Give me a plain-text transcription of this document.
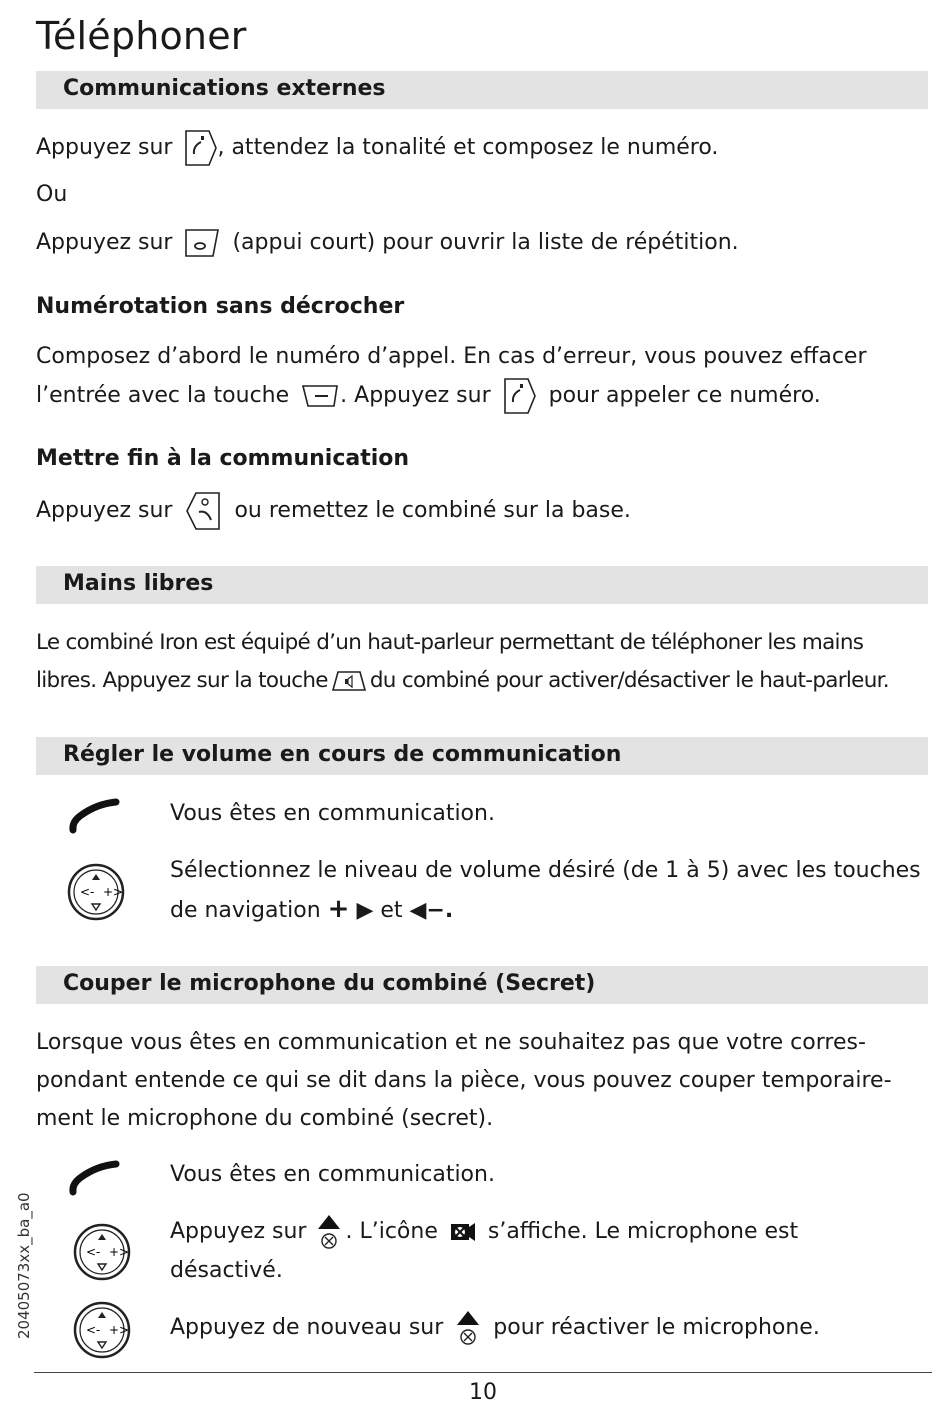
Téléphoner
Communications externes
Appuyez sur , attendez la tonalité et composez le numéro.
Ou
Appuyez sur	(appui court) pour ouvrir la liste de répétition.
Numérotation sans décrocher
Composez d’abord le numéro d’appel. En cas d’erreur, vous pouvez effacer
l’entrée avec la touche . Appuyez sur	pour appeler ce numéro.
Mettre fin à la communication
Appuyez sur	ou remettez le combiné sur la base.
Mains libres
Le combiné Iron est équipé d’un haut-parleur permettant de téléphoner les mains
libres. Appuyez sur la touche du combiné pour activer/désactiver le haut-parleur.
Régler le volume en cours de communication
Vous êtes en communication.
<- +>
Sélectionnez le niveau de volume désiré (de 1 à 5) avec les touches
de navigation + ▶ et ◀−.
Couper le microphone du combiné (Secret)
Lorsque vous êtes en communication et ne souhaitez pas que votre corres-
pondant entende ce qui se dit dans la pièce, vous pouvez couper temporaire-
ment le microphone du combiné (secret).
Vous êtes en communication.
<- +>
Appuyez sur . L’icône s’affiche. Le microphone est
désactivé.
<- +> Appuyez de nouveau sur pour réactiver le microphone.
20405073xx_ba_a0
10
